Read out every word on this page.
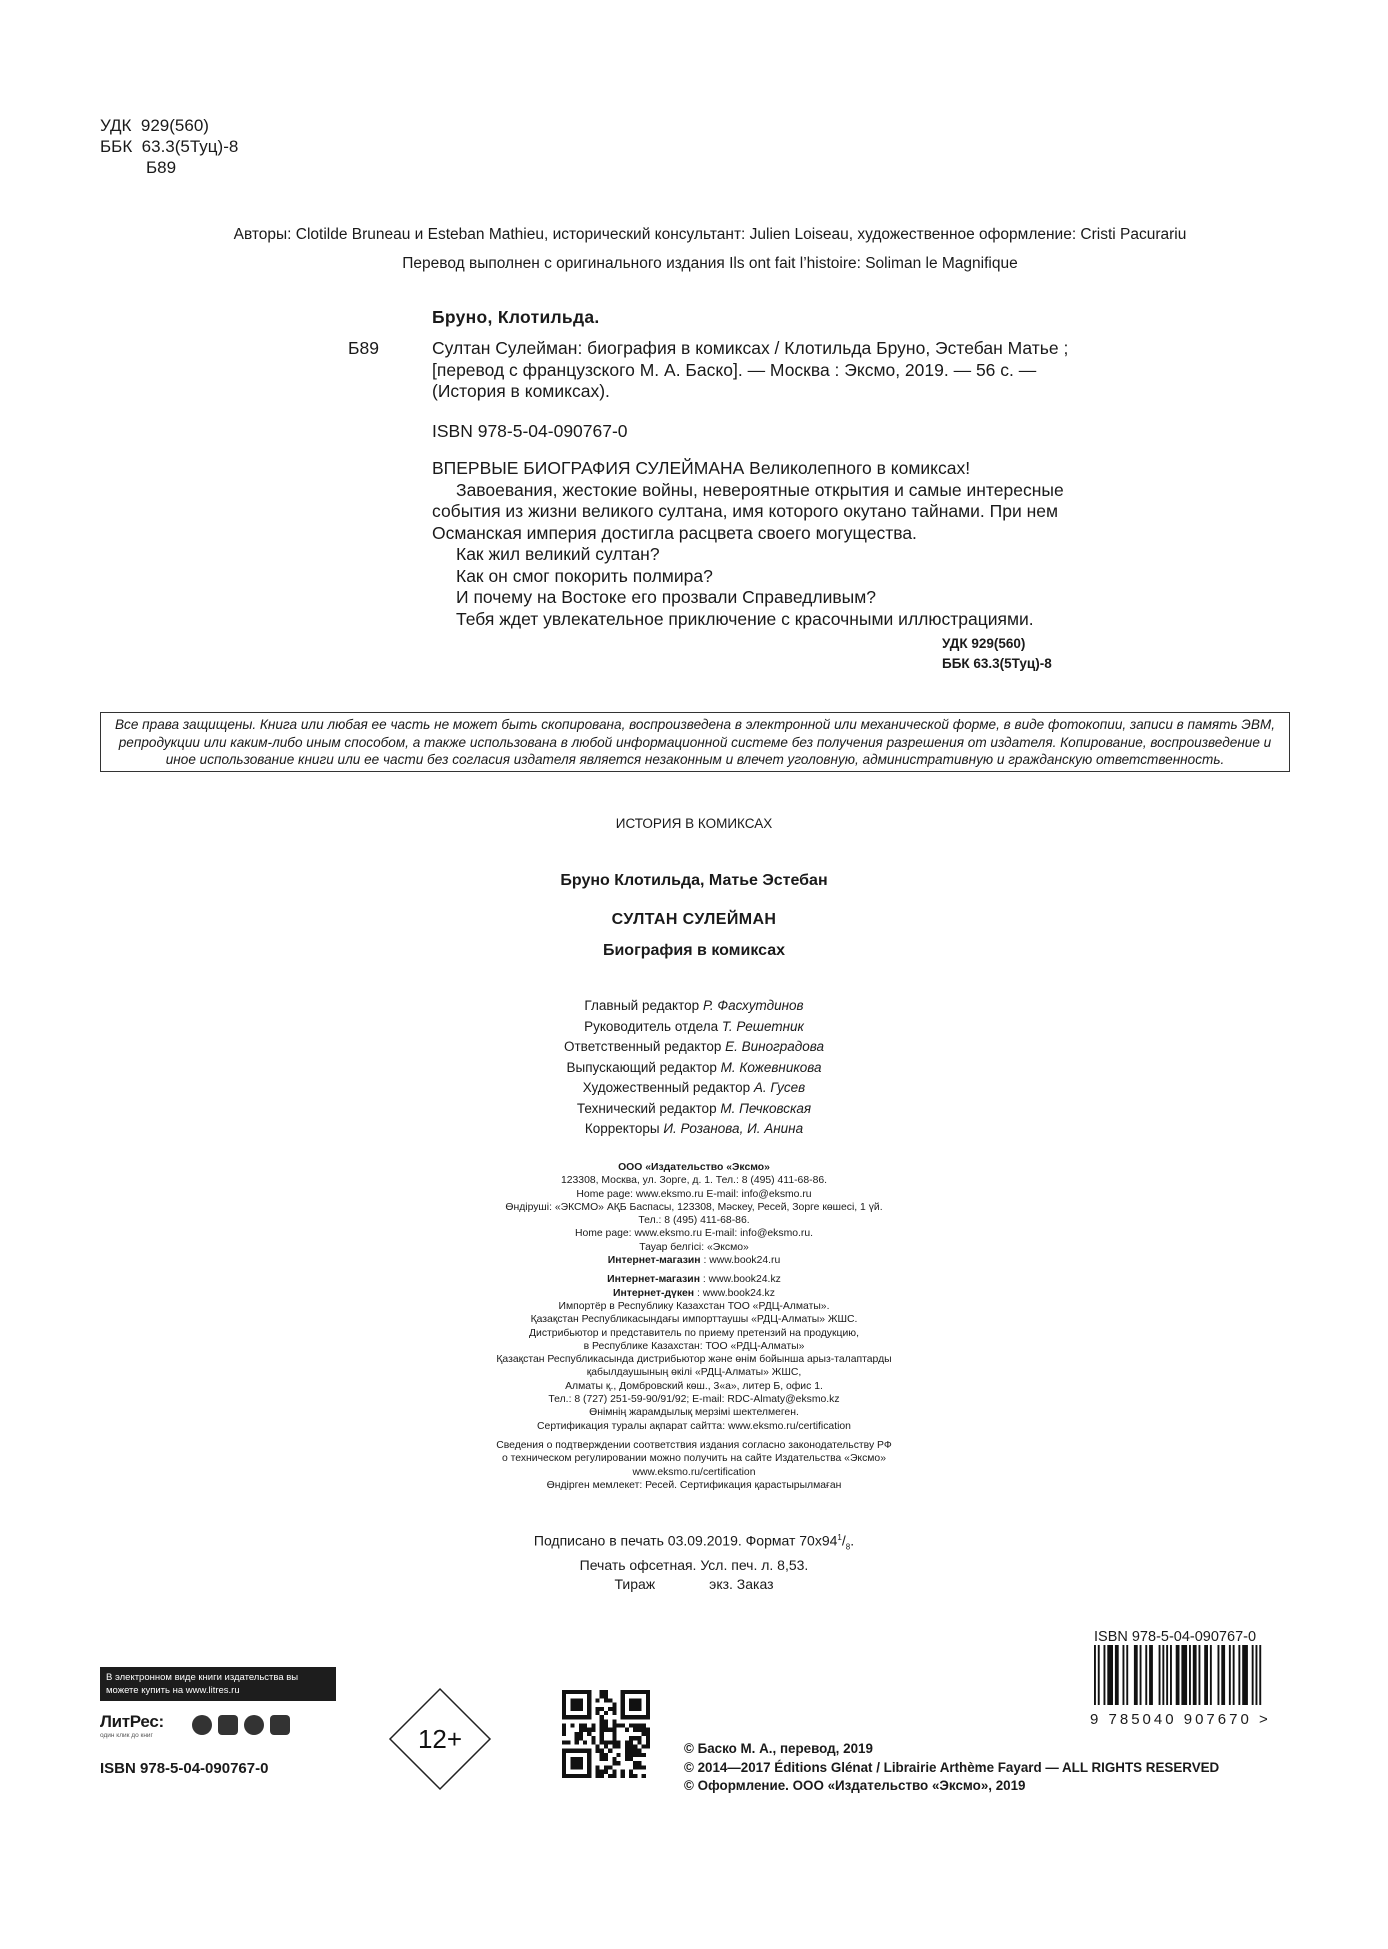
УДК  929(560)
ББК  63.3(5Туц)-8
Б89
Авторы: Clotilde Bruneau и Esteban Mathieu, исторический консультант: Julien Loiseau, художественное оформление: Cristi Pacurariu
Перевод выполнен с оригинального издания Ils ont fait l’histoire: Soliman le Magnifique
Бруно, Клотильда.
Б89	Султан Сулейман: биография в комиксах / Клотильда Бруно, Эстебан Матье ; [перевод с французского М. А. Баско]. — Москва : Эксмо, 2019. — 56 с. — (История в комиксах).

ISBN 978-5-04-090767-0

ВПЕРВЫЕ БИОГРАФИЯ СУЛЕЙМАНА Великолепного в комиксах!

Завоевания, жестокие войны, невероятные открытия и самые интересные события из жизни великого султана, имя которого окутано тайнами. При нем Османская империя достигла расцвета своего могущества.

Как жил великий султан?

Как он смог покорить полмира?

И почему на Востоке его прозвали Справедливым?

Тебя ждет увлекательное приключение с красочными иллюстрациями.

УДК 929(560)
ББК 63.3(5Туц)-8
Все права защищены. Книга или любая ее часть не может быть скопирована, воспроизведена в электронной или механической форме, в виде фотокопии, записи в память ЭВМ, репродукции или каким-либо иным способом, а также использована в любой информационной системе без получения разрешения от издателя. Копирование, воспроизведение и иное использование книги или ее части без согласия издателя является незаконным и влечет уголовную, административную и гражданскую ответственность.
ИСТОРИЯ В КОМИКСАХ
Бруно Клотильда, Матье Эстебан
СУЛТАН СУЛЕЙМАН
Биография в комиксах
Главный редактор Р. Фасхутдинов
Руководитель отдела Т. Решетник
Ответственный редактор Е. Виноградова
Выпускающий редактор М. Кожевникова
Художественный редактор А. Гусев
Технический редактор М. Печковская
Корректоры И. Розанова, И. Анина
ООО «Издательство «Эксмо»
123308, Москва, ул. Зорге, д. 1. Тел.: 8 (495) 411-68-86.
Home page: www.eksmo.ru E-mail: info@eksmo.ru
Өндіруші: «ЭКСМО» АҚБ Баспасы, 123308, Мәскеу, Ресей, Зорге көшесі, 1 үй.
Тел.: 8 (495) 411-68-86.
Home page: www.eksmo.ru E-mail: info@eksmo.ru.
Тауар белгісі: «Эксмо»
Интернет-магазин : www.book24.ru
Интернет-магазин : www.book24.kz
Интернет-дүкен : www.book24.kz
Импортёр в Республику Казахстан ТОО «РДЦ-Алматы».
Қазақстан Республикасындағы импорттаушы «РДЦ-Алматы» ЖШС.
Дистрибьютор и представитель по приему претензий на продукцию,
в Республике Казахстан: ТОО «РДЦ-Алматы»
Қазақстан Республикасында дистрибьютор және өнім бойынша арыз-талаптарды
қабылдаушының өкілі «РДЦ-Алматы» ЖШС,
Алматы қ., Домбровский көш., 3«а», литер Б, офис 1.
Тел.: 8 (727) 251-59-90/91/92; E-mail: RDC-Almaty@eksmo.kz
Өнімнің жарамдылық мерзімі шектелмеген.
Сертификация туралы ақпарат сайтта: www.eksmo.ru/certification
Сведения о подтверждении соответствия издания согласно законодательству РФ
о техническом регулировании можно получить на сайте Издательства «Эксмо»
www.eksmo.ru/certification
Өндірген мемлекет: Ресей. Сертификация қарастырылмаған
Подписано в печать 03.09.2019. Формат $70х94^1/_8$.
Печать офсетная. Усл. печ. л. 8,53.
Тираж	экз. Заказ
В электронном виде книги издательства вы можете купить на www.litres.ru
ЛитРес:
один клик до книг
ISBN 978-5-04-090767-0
12+
ISBN 978-5-04-090767-0
9 785040 907670 >
© Баско М. А., перевод, 2019
© 2014—2017 Éditions Glénat / Librairie Arthème Fayard — ALL RIGHTS RESERVED
© Оформление. ООО «Издательство «Эксмо», 2019
